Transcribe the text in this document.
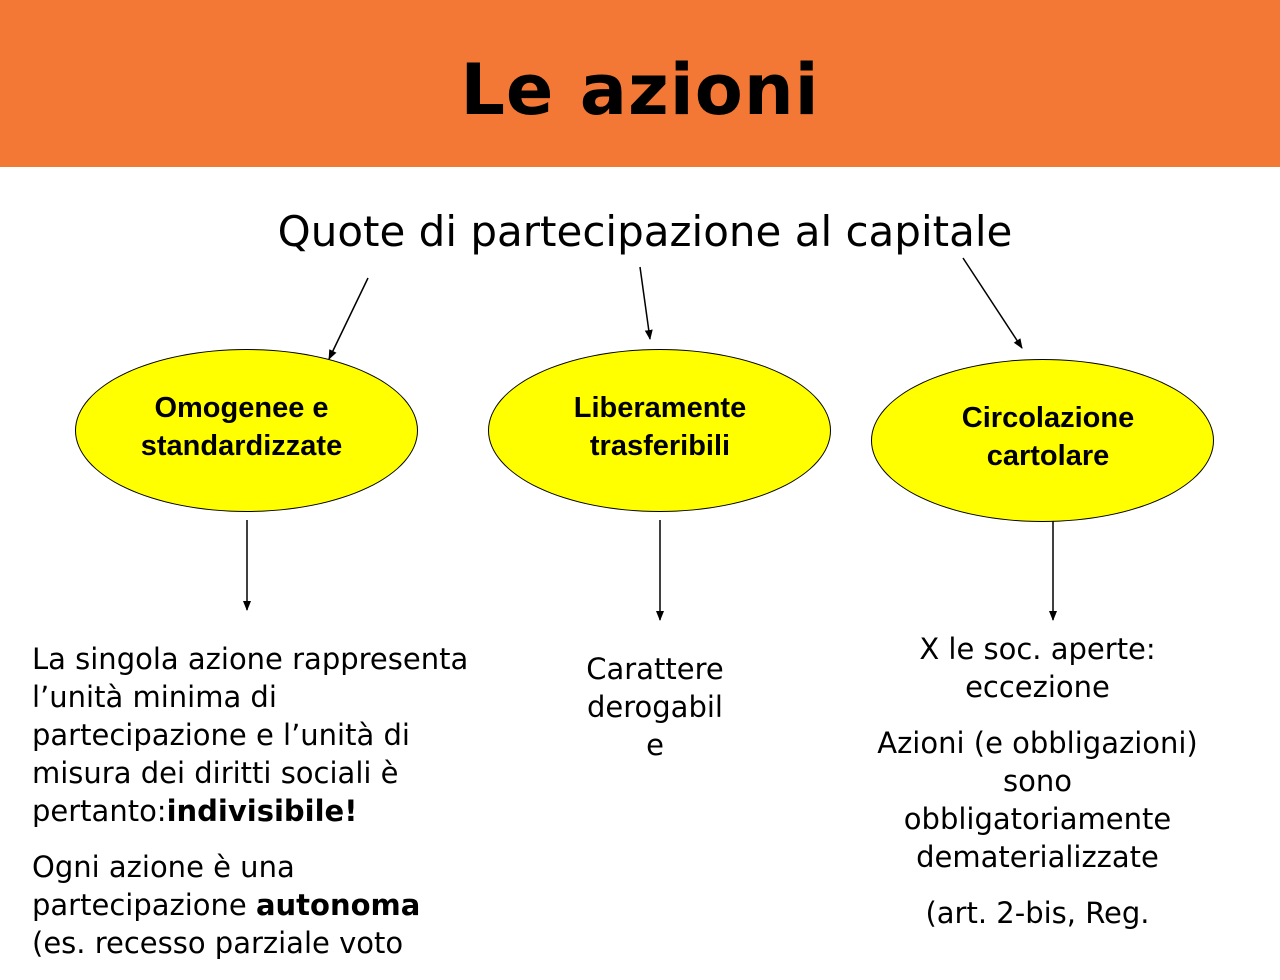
Le azioni
Quote di partecipazione al capitale
Omogenee e
standardizzate
Liberamente
trasferibili
Circolazione
cartolare

La singola azione rappresenta
l’unità minima di
partecipazione e l’unità di
misura dei diritti sociali è
pertanto:indivisibile!

Ogni azione è una
partecipazione autonoma
(es. recesso parziale voto

Carattere
derogabil
e

X le soc. aperte:
eccezione

Azioni (e obbligazioni)
sono
obbligatoriamente
dematerializzate

(art. 2-bis, Reg.
